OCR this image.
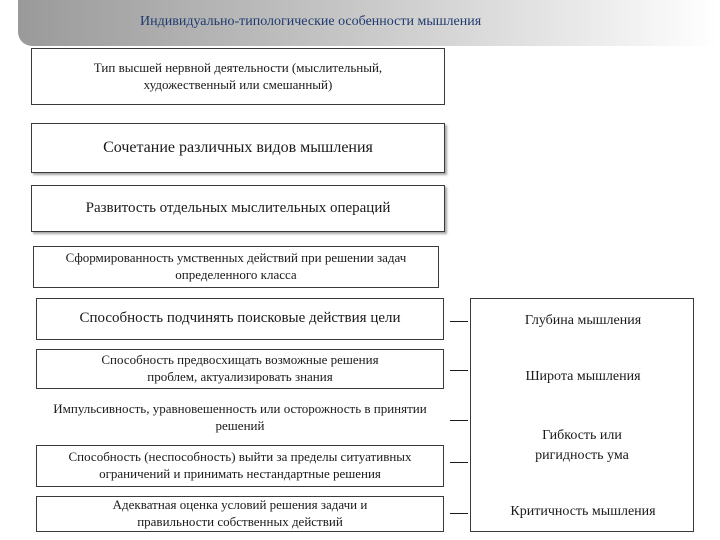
Индивидуально-типологические особенности мышления
Тип высшей нервной деятельности (мыслительный, художественный или смешанный)
Сочетание различных видов мышления
Развитость отдельных мыслительных операций
Сформированность умственных действий при решении задач определенного класса
Способность подчинять поисковые действия цели
Способность предвосхищать возможные решения проблем, актуализировать знания
Импульсивность, уравновешенность или осторожность в принятии решений
Способность (неспособность) выйти за пределы ситуативных ограничений и принимать нестандартные решения
Адекватная оценка условий решения задачи и правильности собственных действий
Глубина мышления
Широта мышления
Гибкость или ригидность ума
Критичность мышления
